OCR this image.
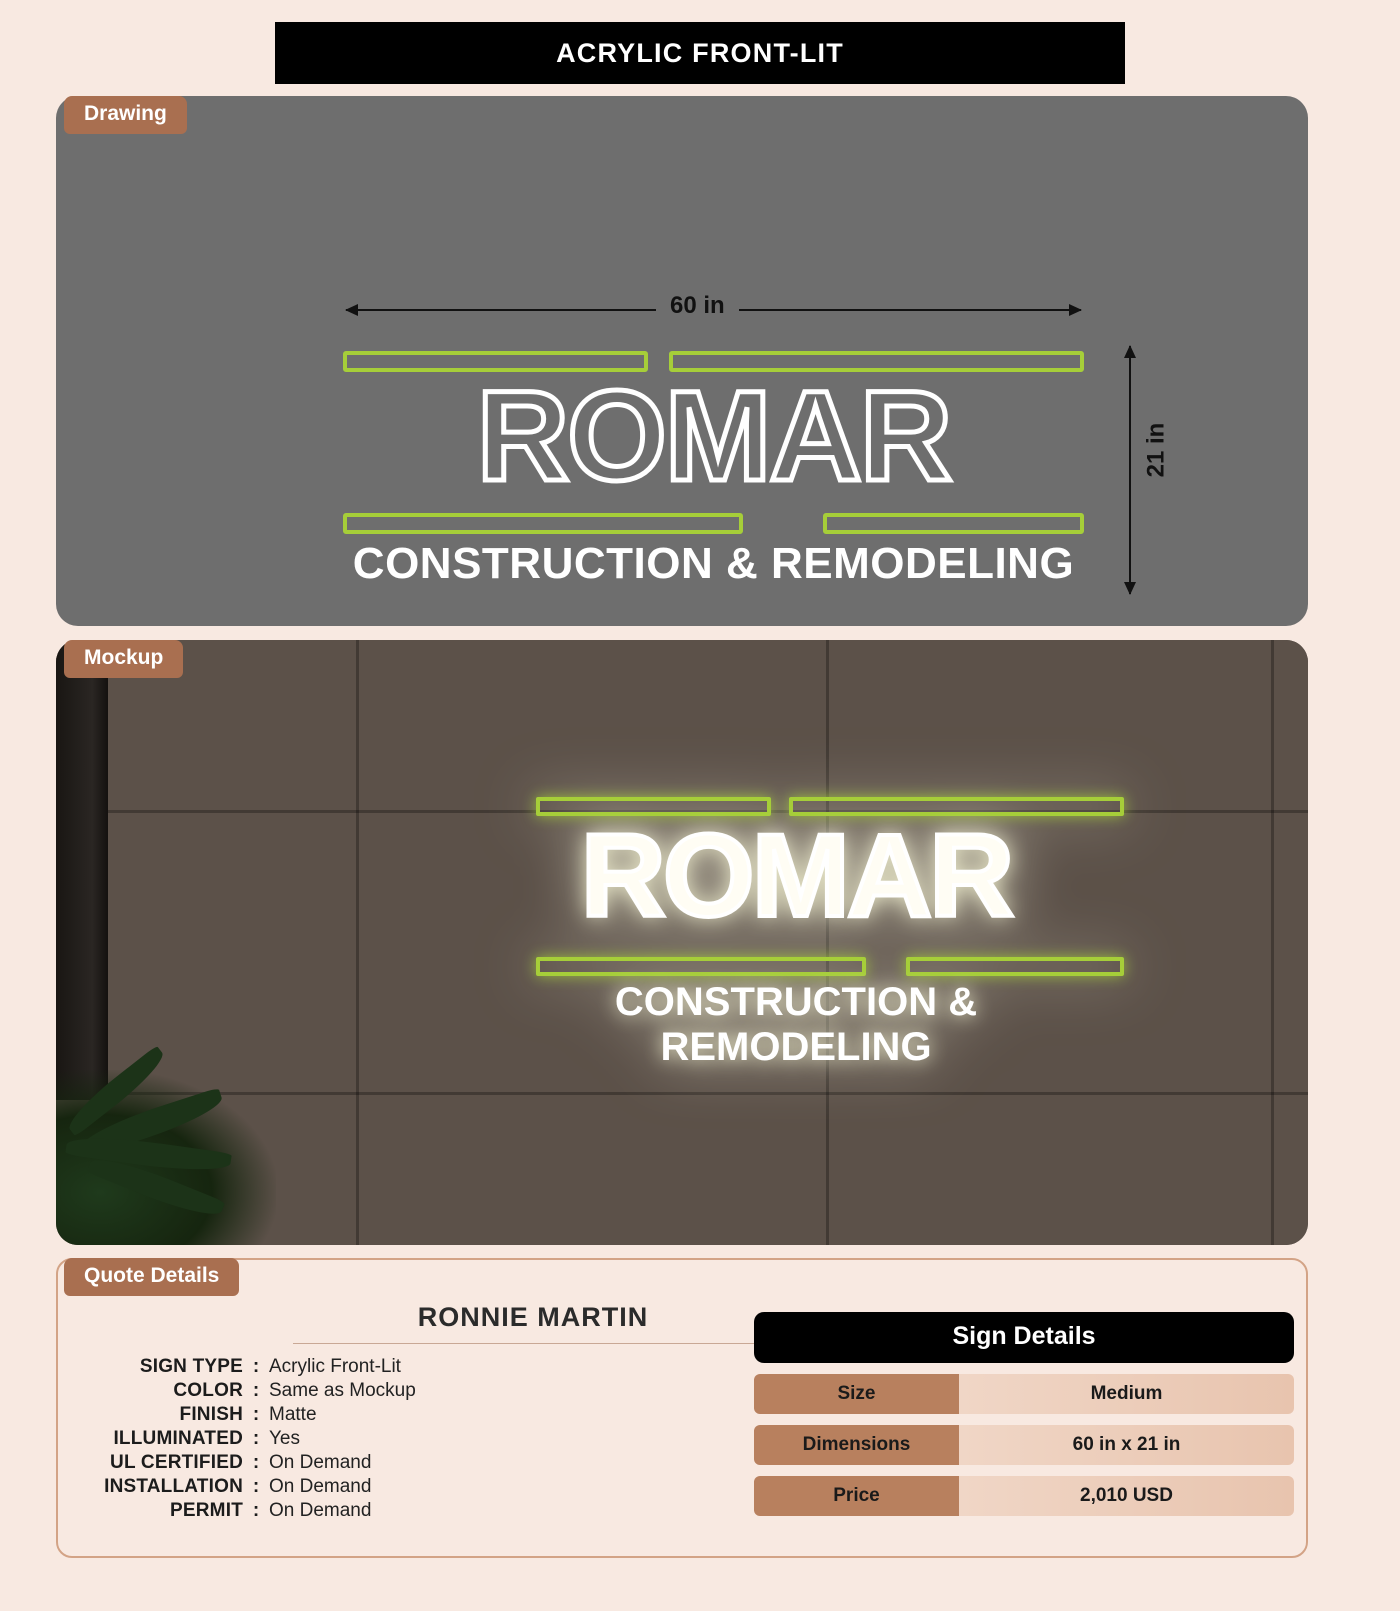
ACRYLIC FRONT-LIT
60 in
21 in
ROMAR
CONSTRUCTION & REMODELING
Drawing
ROMAR
CONSTRUCTION & REMODELING
Mockup
RONNIE MARTIN
SIGN TYPE : Acrylic Front-Lit
COLOR : Same as Mockup
FINISH : Matte
ILLUMINATED : Yes
UL CERTIFIED : On Demand
INSTALLATION : On Demand
PERMIT : On Demand
Sign Details
Size	Medium
Dimensions	60 in x 21 in
Price	2,010 USD
Quote Details
